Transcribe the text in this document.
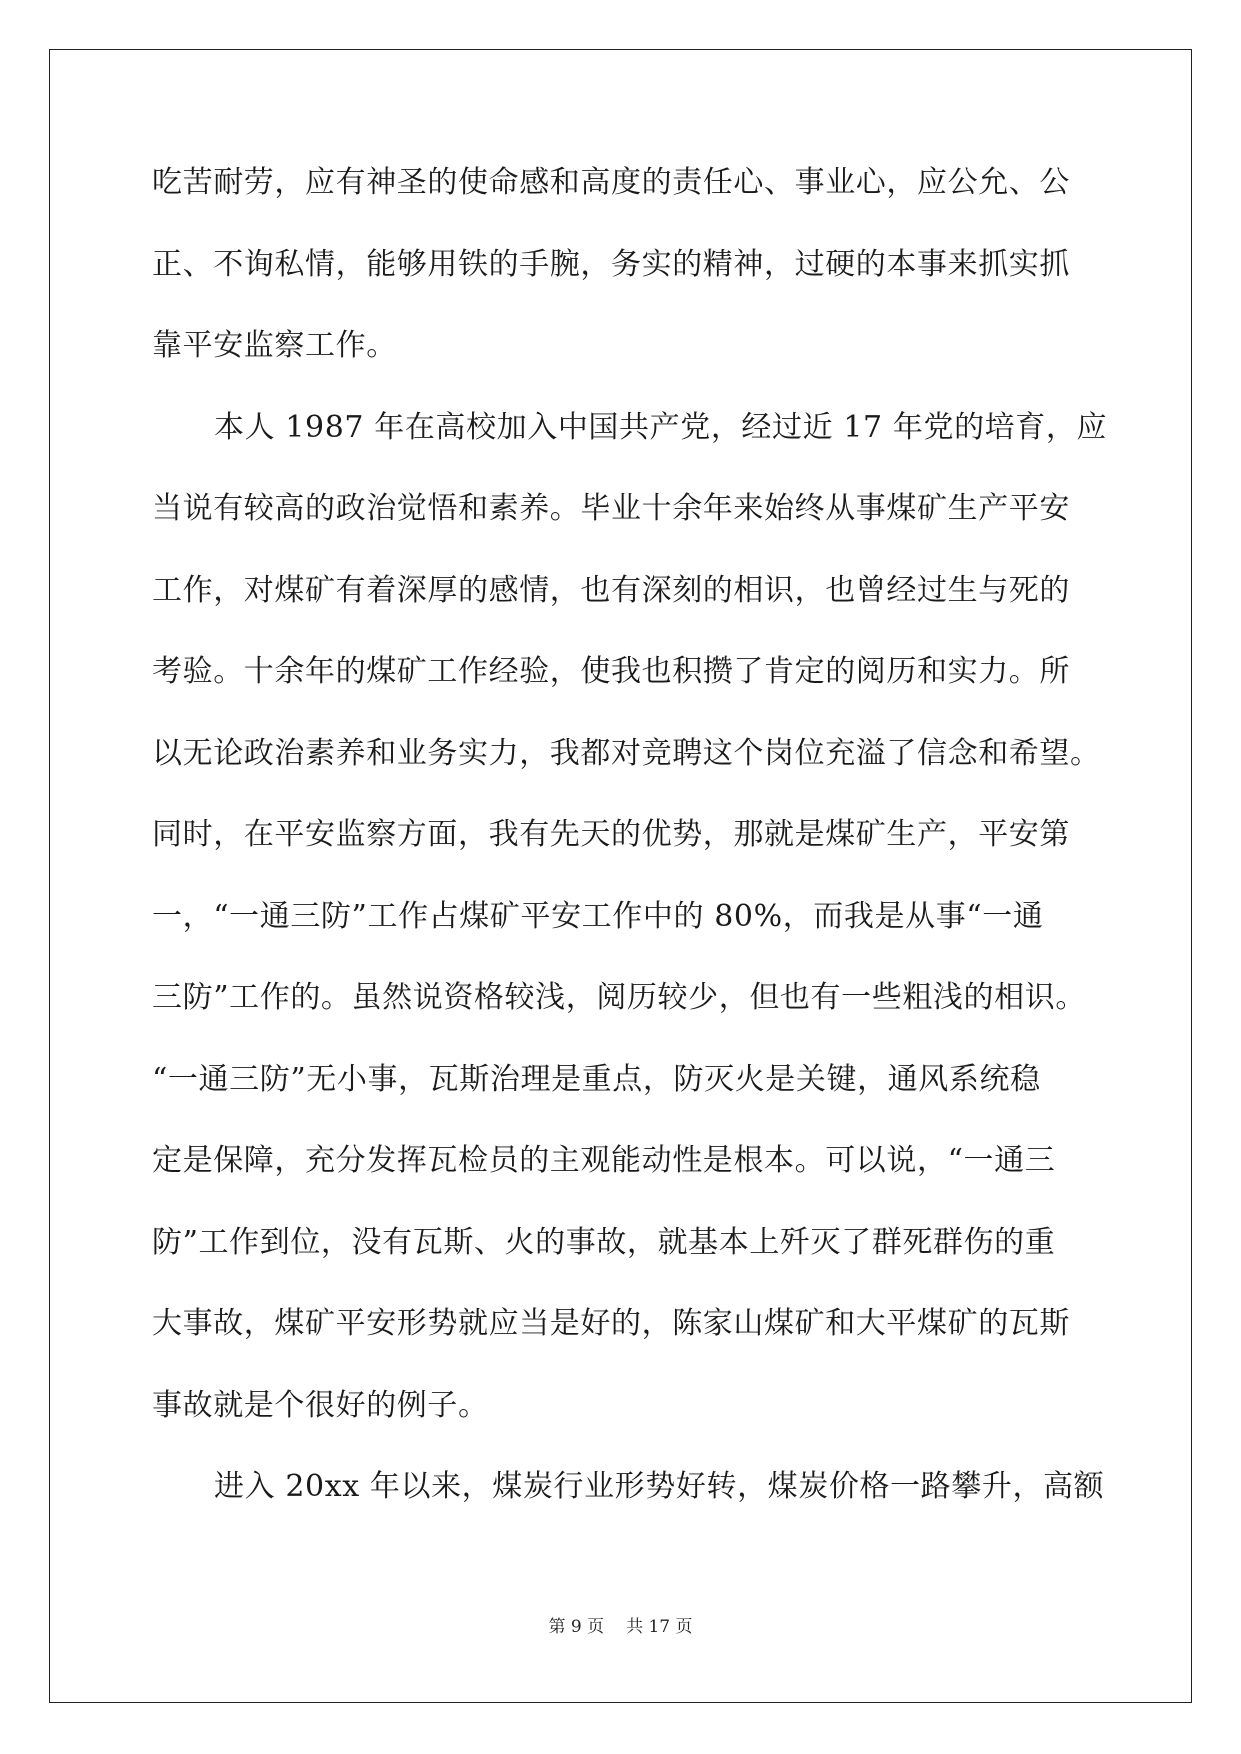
吃苦耐劳，应有神圣的使命感和高度的责任心、事业心，应公允、公
正、不询私情，能够用铁的手腕，务实的精神，过硬的本事来抓实抓
靠平安监察工作。
本人 1987 年在高校加入中国共产党，经过近 17 年党的培育，应
当说有较高的政治觉悟和素养。毕业十余年来始终从事煤矿生产平安
工作，对煤矿有着深厚的感情，也有深刻的相识，也曾经过生与死的
考验。十余年的煤矿工作经验，使我也积攒了肯定的阅历和实力。所
以无论政治素养和业务实力，我都对竞聘这个岗位充溢了信念和希望。
同时，在平安监察方面，我有先天的优势，那就是煤矿生产，平安第
一，“一通三防”工作占煤矿平安工作中的 80%，而我是从事“一通
三防”工作的。虽然说资格较浅，阅历较少，但也有一些粗浅的相识。
“一通三防”无小事，瓦斯治理是重点，防灭火是关键，通风系统稳
定是保障，充分发挥瓦检员的主观能动性是根本。可以说，“一通三
防”工作到位，没有瓦斯、火的事故，就基本上歼灭了群死群伤的重
大事故，煤矿平安形势就应当是好的，陈家山煤矿和大平煤矿的瓦斯
事故就是个很好的例子。
进入 20xx 年以来，煤炭行业形势好转，煤炭价格一路攀升，高额
第 9 页 共 17 页
